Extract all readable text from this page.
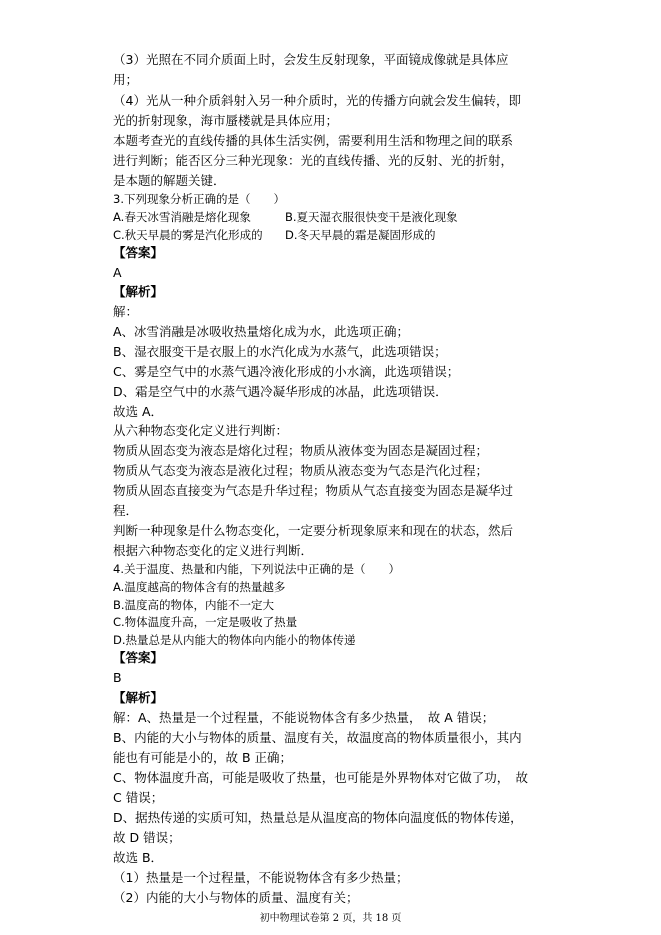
（3）光照在不同介质面上时，会发生反射现象，平面镜成像就是具体应
用；
（4）光从一种介质斜射入另一种介质时，光的传播方向就会发生偏转，即
光的折射现象，海市蜃楼就是具体应用；
本题考查光的直线传播的具体生活实例，需要利用生活和物理之间的联系
进行判断；能否区分三种光现象：光的直线传播、光的反射、光的折射，
是本题的解题关键．
3.下列现象分析正确的是（　　）
A.春天冰雪消融是熔化现象	B.夏天湿衣服很快变干是液化现象
C.秋天早晨的雾是汽化形成的 D.冬天早晨的霜是凝固形成的
【答案】
A
【解析】
解：
A、冰雪消融是冰吸收热量熔化成为水，此选项正确；
B、湿衣服变干是衣服上的水汽化成为水蒸气，此选项错误；
C、雾是空气中的水蒸气遇冷液化形成的小水滴，此选项错误；
D、霜是空气中的水蒸气遇冷凝华形成的冰晶，此选项错误．
故选 A．
从六种物态变化定义进行判断：
物质从固态变为液态是熔化过程；物质从液体变为固态是凝固过程；
物质从气态变为液态是液化过程；物质从液态变为气态是汽化过程；
物质从固态直接变为气态是升华过程；物质从气态直接变为固态是凝华过
程．
判断一种现象是什么物态变化，一定要分析现象原来和现在的状态，然后
根据六种物态变化的定义进行判断．
4.关于温度、热量和内能，下列说法中正确的是（　　）
A.温度越高的物体含有的热量越多
B.温度高的物体，内能不一定大
C.物体温度升高，一定是吸收了热量
D.热量总是从内能大的物体向内能小的物体传递
【答案】
B
【解析】
解：A、热量是一个过程量，不能说物体含有多少热量，　故 A 错误；
B、内能的大小与物体的质量、温度有关，故温度高的物体质量很小，其内
能也有可能是小的，故 B 正确；
C、物体温度升高，可能是吸收了热量，也可能是外界物体对它做了功，　故
C 错误；
D、据热传递的实质可知，热量总是从温度高的物体向温度低的物体传递，
故 D 错误；
故选 B．
（1）热量是一个过程量，不能说物体含有多少热量；
（2）内能的大小与物体的质量、温度有关；
初中物理试卷第 2 页，共 18 页
